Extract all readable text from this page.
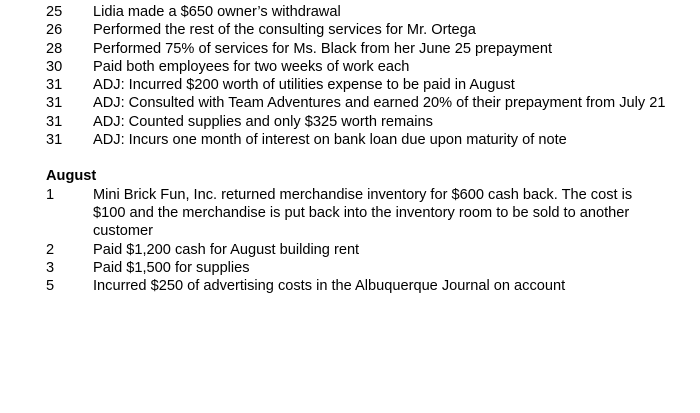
25	Lidia made a $650 owner’s withdrawal
26	Performed the rest of the consulting services for Mr. Ortega
28	Performed 75% of services for Ms. Black from her June 25 prepayment
30	Paid both employees for two weeks of work each
31	ADJ: Incurred $200 worth of utilities expense to be paid in August
31	ADJ: Consulted with Team Adventures and earned 20% of their prepayment from July 21
31	ADJ: Counted supplies and only $325 worth remains
31	ADJ: Incurs one month of interest on bank loan due upon maturity of note
August
1	Mini Brick Fun, Inc. returned merchandise inventory for $600 cash back. The cost is $100 and the merchandise is put back into the inventory room to be sold to another customer
2	Paid $1,200 cash for August building rent
3	Paid $1,500 for supplies
5	Incurred $250 of advertising costs in the Albuquerque Journal on account
